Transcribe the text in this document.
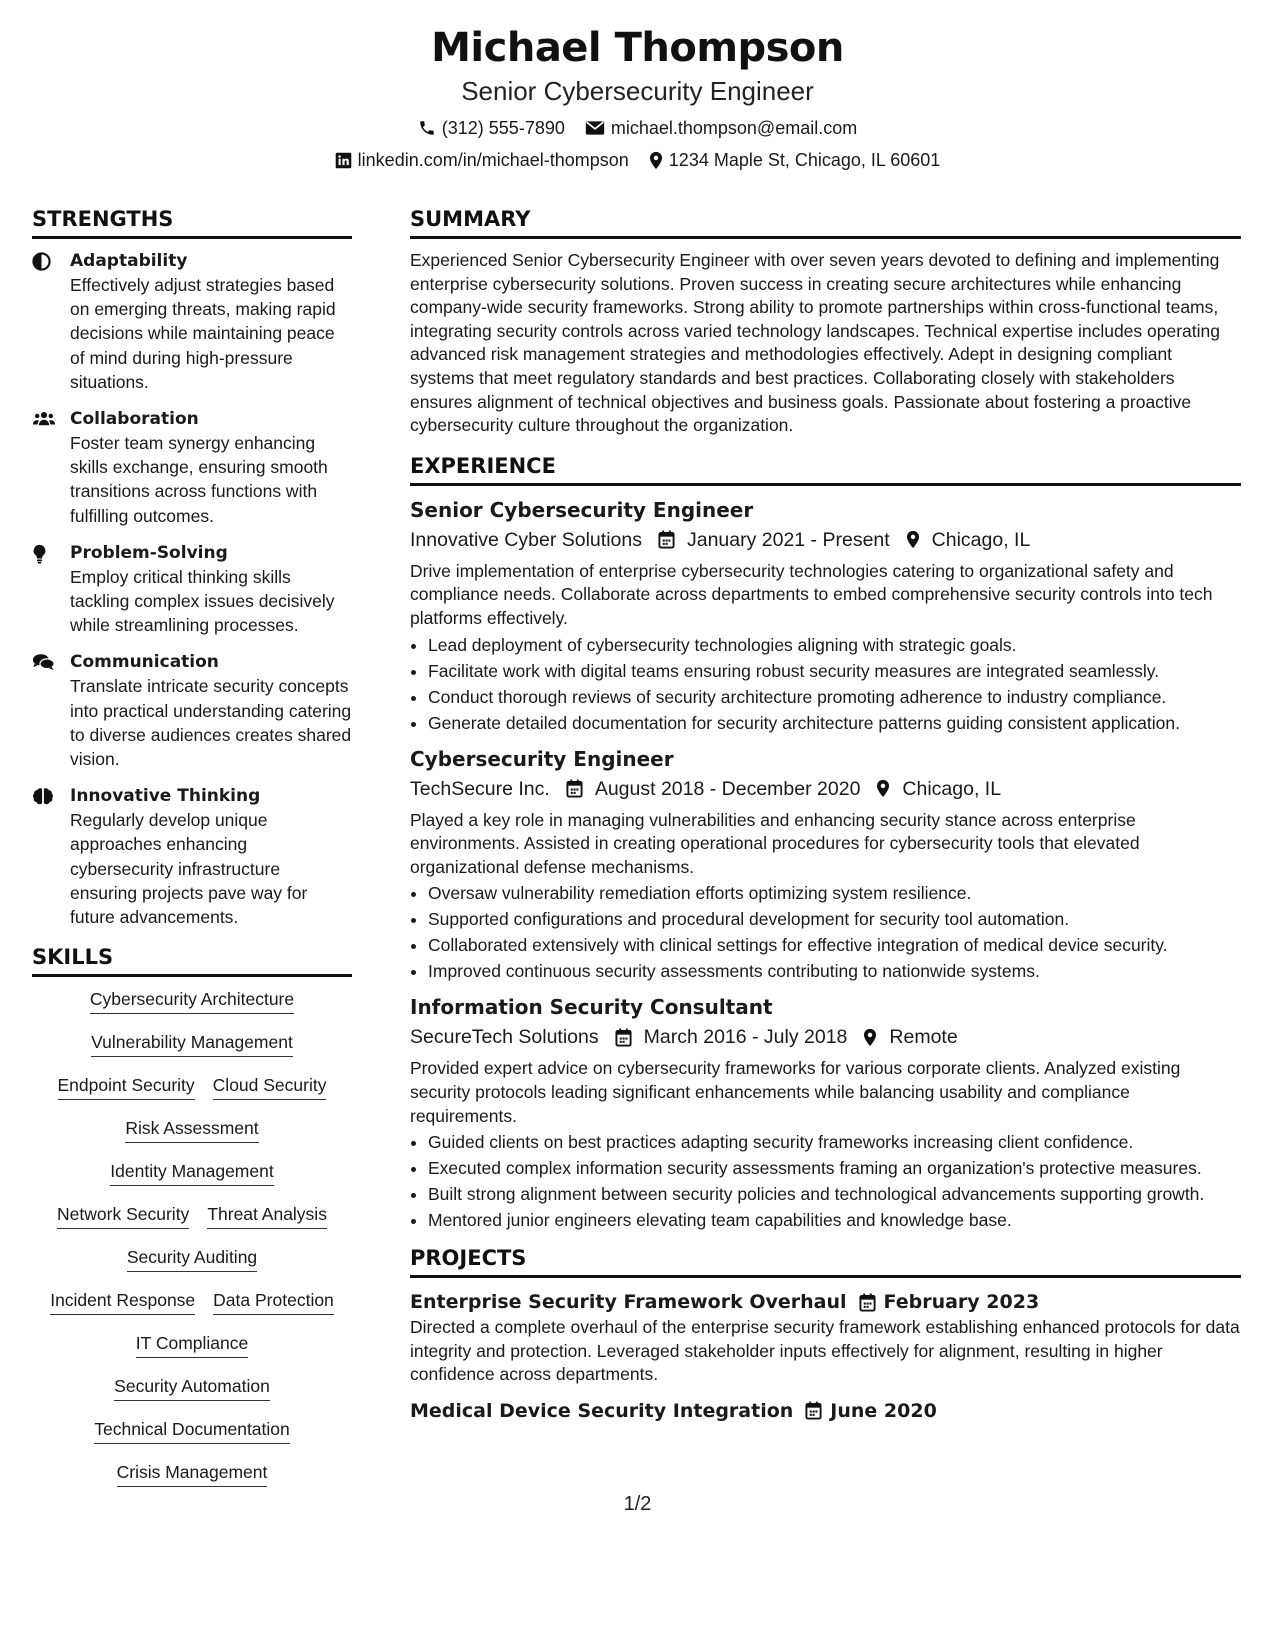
Michael Thompson
Senior Cybersecurity Engineer
(312) 555-7890	michael.thompson@email.com
linkedin.com/in/michael-thompson 1234 Maple St, Chicago, IL 60601
STRENGTHS
Adaptability
Effectively adjust strategies based on emerging threats, making rapid decisions while maintaining peace of mind during high-pressure situations.
Collaboration
Foster team synergy enhancing skills exchange, ensuring smooth transitions across functions with fulfilling outcomes.
Problem-Solving
Employ critical thinking skills tackling complex issues decisively while streamlining processes.
Communication
Translate intricate security concepts into practical understanding catering to diverse audiences creates shared vision.
Innovative Thinking
Regularly develop unique approaches enhancing cybersecurity infrastructure ensuring projects pave way for future advancements.
SKILLS
Cybersecurity Architecture
Vulnerability Management
Endpoint Security Cloud Security
Risk Assessment
Identity Management
Network Security Threat Analysis
Security Auditing
Incident Response Data Protection
IT Compliance
Security Automation
Technical Documentation
Crisis Management
SUMMARY
Experienced Senior Cybersecurity Engineer with over seven years devoted to defining and implementing enterprise cybersecurity solutions. Proven success in creating secure architectures while enhancing company-wide security frameworks. Strong ability to promote partnerships within cross-functional teams, integrating security controls across varied technology landscapes. Technical expertise includes operating advanced risk management strategies and methodologies effectively. Adept in designing compliant systems that meet regulatory standards and best practices. Collaborating closely with stakeholders ensures alignment of technical objectives and business goals. Passionate about fostering a proactive cybersecurity culture throughout the organization.
EXPERIENCE
Senior Cybersecurity Engineer
Innovative Cyber Solutions January 2021 - Present Chicago, IL
Drive implementation of enterprise cybersecurity technologies catering to organizational safety and compliance needs. Collaborate across departments to embed comprehensive security controls into tech platforms effectively.
• Lead deployment of cybersecurity technologies aligning with strategic goals.
• Facilitate work with digital teams ensuring robust security measures are integrated seamlessly.
• Conduct thorough reviews of security architecture promoting adherence to industry compliance.
• Generate detailed documentation for security architecture patterns guiding consistent application.
Cybersecurity Engineer
TechSecure Inc. August 2018 - December 2020 Chicago, IL
Played a key role in managing vulnerabilities and enhancing security stance across enterprise environments. Assisted in creating operational procedures for cybersecurity tools that elevated organizational defense mechanisms.
• Oversaw vulnerability remediation efforts optimizing system resilience.
• Supported configurations and procedural development for security tool automation.
• Collaborated extensively with clinical settings for effective integration of medical device security.
• Improved continuous security assessments contributing to nationwide systems.
Information Security Consultant
SecureTech Solutions March 2016 - July 2018 Remote
Provided expert advice on cybersecurity frameworks for various corporate clients. Analyzed existing security protocols leading significant enhancements while balancing usability and compliance requirements.
• Guided clients on best practices adapting security frameworks increasing client confidence.
• Executed complex information security assessments framing an organization's protective measures.
• Built strong alignment between security policies and technological advancements supporting growth.
• Mentored junior engineers elevating team capabilities and knowledge base.
PROJECTS
Enterprise Security Framework Overhaul February 2023
Directed a complete overhaul of the enterprise security framework establishing enhanced protocols for data integrity and protection. Leveraged stakeholder inputs effectively for alignment, resulting in higher confidence across departments.
Medical Device Security Integration June 2020
1/2
